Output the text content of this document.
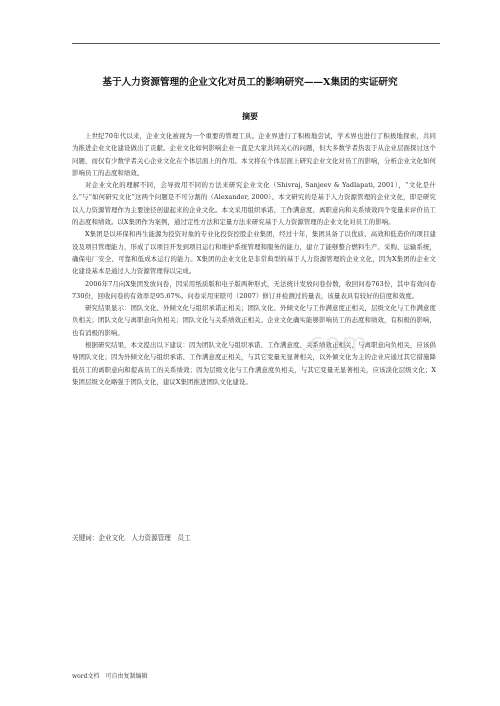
基于人力资源管理的企业文化对员工的影响研究——X集团的实证研究
摘要

上世纪70年代以来，企业文化被视为一个重要的管理工具。企业界进行了积极地尝试，学术界也进行了积极地探索，共同为推进企业文化建设做出了贡献。企业文化如何影响企业一直是大家共同关心的问题，但大多数学者热衷于从企业层面探讨这个问题，而仅有少数学者关心企业文化在个体层面上的作用。本文将在个体层面上研究企业文化对员工的影响，分析企业文化如何影响员工的态度和绩效。

对企业文化的理解不同，会导致用不同的方法来研究企业文化（Shivraj, Sanjeev & Yadlapati, 2001），“文化是什么”与“如何研究文化”这两个问题是不可分割的（Alexander, 2000）。本文研究的是基于人力资源管理的企业文化，即是研究以人力资源管理作为主要途径创建起来的企业文化。本文采用组织承诺、工作满意度、离职意向和关系绩效四个变量来评价员工的态度和绩效。以X集团作为案例，通过定性方法和定量方法来研究基于人力资源管理的企业文化对员工的影响。

X集团是以环保和再生能源为投资对象的专业化投资控股企业集团，经过十年，集团具备了以优质、高效和低造价的项目建设及项目管理能力，形成了以项目开发到项目运行和维护系统管理和服务的能力，建立了能够整合燃料生产、采购、运输系统，确保电厂安全、可靠和低成本运行的能力。X集团的企业文化是非常典型的基于人力资源管理的企业文化，因为X集团的企业文化建设基本是通过人力资源管理得以完成。

2006年7月向X集团发放问卷，因采用纸质版和电子版两种形式，无法统计发放问卷份数，收回问卷763份，其中有效问卷730份，回收问卷的有效率是95.67%。问卷采用宋联可（2007）修订并检测过的量表，该量表具有较好的信度和效度。

研究结果显示：团队文化、外倾文化与组织承诺正相关；团队文化、外倾文化与工作满意度正相关，层级文化与工作满意度负相关；团队文化与离职意向负相关；团队文化与关系绩效正相关。企业文化确实能够影响员工的态度和绩效，有积极的影响，也有消极的影响。

根据研究结果，本文提出以下建议：因为团队文化与组织承诺、工作满意度、关系绩效正相关，与离职意向负相关，应该倡导团队文化；因为外倾文化与组织承诺、工作满意度正相关，与其它变量无显著相关，以外倾文化为主的企业应通过其它措施降低员工的离职意向和提高员工的关系绩效；因为层级文化与工作满意度负相关，与其它变量无显著相关，应该淡化层级文化；X集团层级文化略强于团队文化，建议X集团推进团队文化建设。

.com
关键词：企业文化　人力资源管理　员工
word文档　可自由复制编辑
